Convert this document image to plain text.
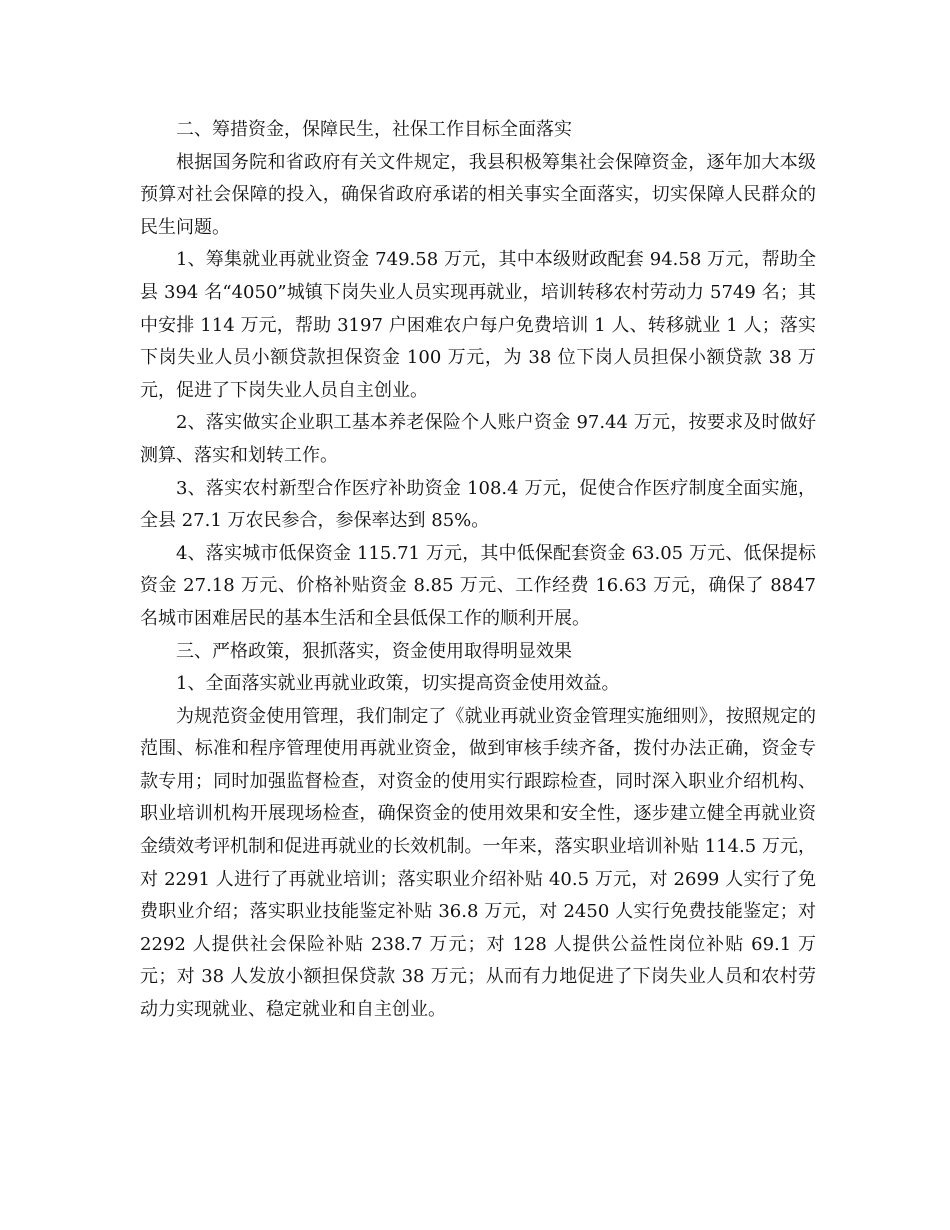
二、筹措资金，保障民生，社保工作目标全面落实

根据国务院和省政府有关文件规定，我县积极筹集社会保障资金，逐年加大本级预算对社会保障的投入，确保省政府承诺的相关事实全面落实，切实保障人民群众的民生问题。

1、筹集就业再就业资金 749.58 万元，其中本级财政配套 94.58 万元，帮助全县 394 名“4050”城镇下岗失业人员实现再就业，培训转移农村劳动力 5749 名；其中安排 114 万元，帮助 3197 户困难农户每户免费培训 1 人、转移就业 1 人；落实下岗失业人员小额贷款担保资金 100 万元，为 38 位下岗人员担保小额贷款 38 万元，促进了下岗失业人员自主创业。

2、落实做实企业职工基本养老保险个人账户资金 97.44 万元，按要求及时做好测算、落实和划转工作。

3、落实农村新型合作医疗补助资金 108.4 万元，促使合作医疗制度全面实施，全县 27.1 万农民参合，参保率达到 85%。

4、落实城市低保资金 115.71 万元，其中低保配套资金 63.05 万元、低保提标资金 27.18 万元、价格补贴资金 8.85 万元、工作经费 16.63 万元，确保了 8847 名城市困难居民的基本生活和全县低保工作的顺利开展。

三、严格政策，狠抓落实，资金使用取得明显效果

1、全面落实就业再就业政策，切实提高资金使用效益。

为规范资金使用管理，我们制定了《就业再就业资金管理实施细则》，按照规定的范围、标准和程序管理使用再就业资金，做到审核手续齐备，拨付办法正确，资金专款专用；同时加强监督检查，对资金的使用实行跟踪检查，同时深入职业介绍机构、职业培训机构开展现场检查，确保资金的使用效果和安全性，逐步建立健全再就业资金绩效考评机制和促进再就业的长效机制。一年来，落实职业培训补贴 114.5 万元，对 2291 人进行了再就业培训；落实职业介绍补贴 40.5 万元，对 2699 人实行了免费职业介绍；落实职业技能鉴定补贴 36.8 万元，对 2450 人实行免费技能鉴定；对 2292 人提供社会保险补贴 238.7 万元；对 128 人提供公益性岗位补贴 69.1 万元；对 38 人发放小额担保贷款 38 万元；从而有力地促进了下岗失业人员和农村劳动力实现就业、稳定就业和自主创业。
